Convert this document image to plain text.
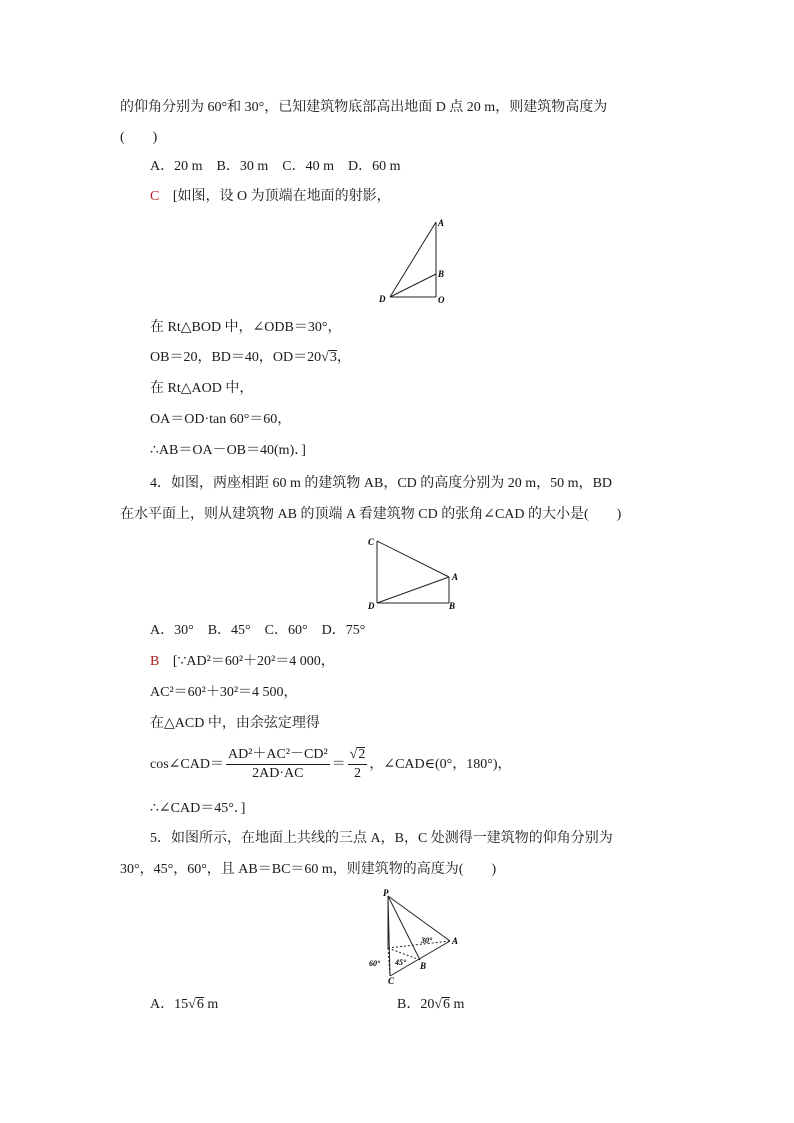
的仰角分别为 60°和 30°，已知建筑物底部高出地面 D 点 20 m，则建筑物高度为
(　　)
A．20 m　B．30 m　C．40 m　D．60 m
C [如图，设 O 为顶端在地面的射影，
A
B
D	O
在 Rt△BOD 中，∠ODB＝30°，
OB＝20，BD＝40，OD＝20√3，
在 Rt△AOD 中，
OA＝OD·tan 60°＝60，
∴AB＝OA－OB＝40(m)．]
4．如图，两座相距 60 m 的建筑物 AB，CD 的高度分别为 20 m，50 m，BD
在水平面上，则从建筑物 AB 的顶端 A 看建筑物 CD 的张角∠CAD 的大小是(　　)
C
D
A
B
A．30°　B．45°　C．60°　D．75°
B [∵AD²＝60²＋20²＝4 000，
AC²＝60²＋30²＝4 500，
在△ACD 中，由余弦定理得
cos∠CAD＝ $\frac{\text{AD²＋AC²－CD²}}{2AD\cdot AC} = \frac{√2}{2}$ ，∠CAD∈(0°，180°)，
∴∠CAD＝45°．]
5．如图所示，在地面上共线的三点 A，B，C 处测得一建筑物的仰角分别为
30°，45°，60°，且 AB＝BC＝60 m，则建筑物的高度为(　　)
P
A
B
C
30°
45°
60°
A．15√6 m	B．20√6 m
